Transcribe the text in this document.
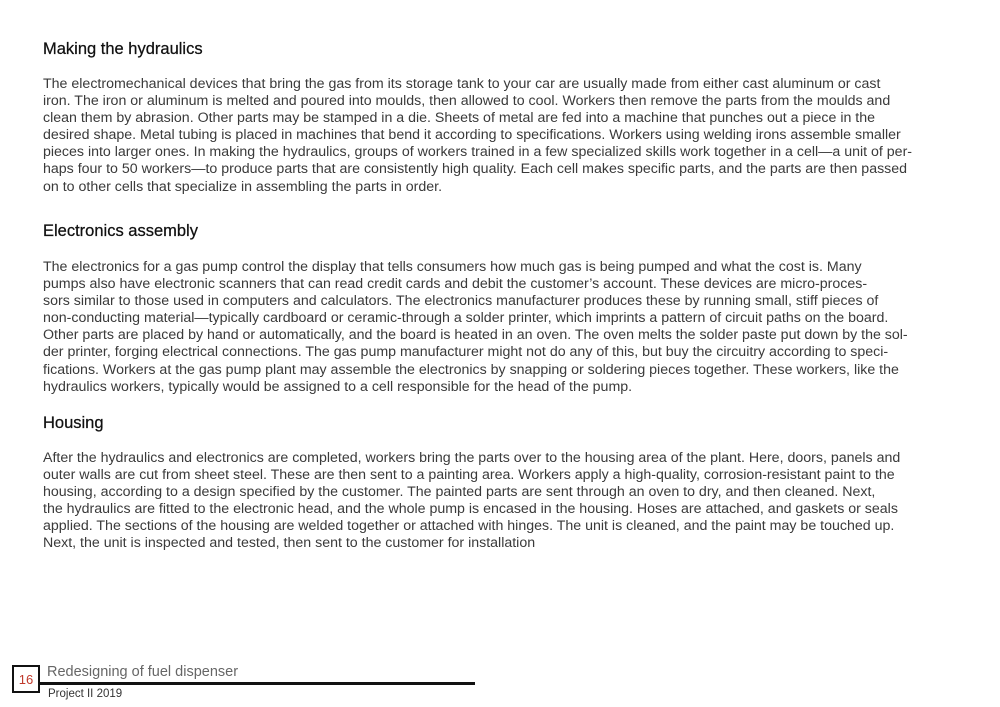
Making the hydraulics

The electromechanical devices that bring the gas from its storage tank to your car are usually made from either cast aluminum or cast
iron. The iron or aluminum is melted and poured into moulds, then allowed to cool. Workers then remove the parts from the moulds and
clean them by abrasion. Other parts may be stamped in a die. Sheets of metal are fed into a machine that punches out a piece in the
desired shape. Metal tubing is placed in machines that bend it according to specifications. Workers using welding irons assemble smaller
pieces into larger ones. In making the hydraulics, groups of workers trained in a few specialized skills work together in a cell—a unit of per-
haps four to 50 workers—to produce parts that are consistently high quality. Each cell makes specific parts, and the parts are then passed
on to other cells that specialize in assembling the parts in order.

Electronics assembly

The electronics for a gas pump control the display that tells consumers how much gas is being pumped and what the cost is. Many
pumps also have electronic scanners that can read credit cards and debit the customer’s account. These devices are micro-proces-
sors similar to those used in computers and calculators. The electronics manufacturer produces these by running small, stiff pieces of
non-conducting material—typically cardboard or ceramic-through a solder printer, which imprints a pattern of circuit paths on the board.
Other parts are placed by hand or automatically, and the board is heated in an oven. The oven melts the solder paste put down by the sol-
der printer, forging electrical connections. The gas pump manufacturer might not do any of this, but buy the circuitry according to speci-
fications. Workers at the gas pump plant may assemble the electronics by snapping or soldering pieces together. These workers, like the
hydraulics workers, typically would be assigned to a cell responsible for the head of the pump.

Housing

After the hydraulics and electronics are completed, workers bring the parts over to the housing area of the plant. Here, doors, panels and
outer walls are cut from sheet steel. These are then sent to a painting area. Workers apply a high-quality, corrosion-resistant paint to the
housing, according to a design specified by the customer. The painted parts are sent through an oven to dry, and then cleaned. Next,
the hydraulics are fitted to the electronic head, and the whole pump is encased in the housing. Hoses are attached, and gaskets or seals
applied. The sections of the housing are welded together or attached with hinges. The unit is cleaned, and the paint may be touched up.
Next, the unit is inspected and tested, then sent to the customer for installation

16 Redesigning of fuel dispenser

Project II 2019
